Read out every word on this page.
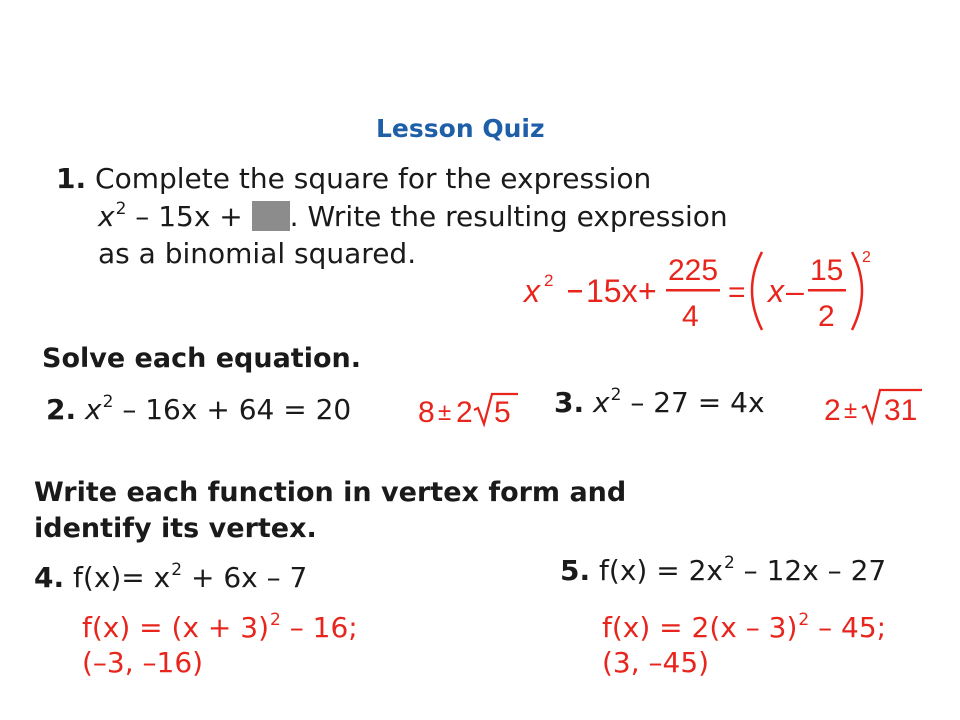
Lesson Quiz
1. Complete the square for the expression
$x^2 - 15x$ + . Write the resulting expression
as a binomial squared.
x 2 15x +
225
4
= x –
15
2
2
Solve each equation.
2. $x^2 - 16x + 64 = 20$ 8 ± 2 5 3. $x^2 - 27 = 4x$ 2 ± 31
Write each function in vertex form and
identify its vertex.
4. $f(x)= x^2 + 6x - 7$
$f(x) = (x + 3)^2 - 16$;
(–3, –16)
5. $f(x) = 2x^2 - 12x - 27$
f(x) = 2(x – 3)$^2$ – 45;
(3, –45)
